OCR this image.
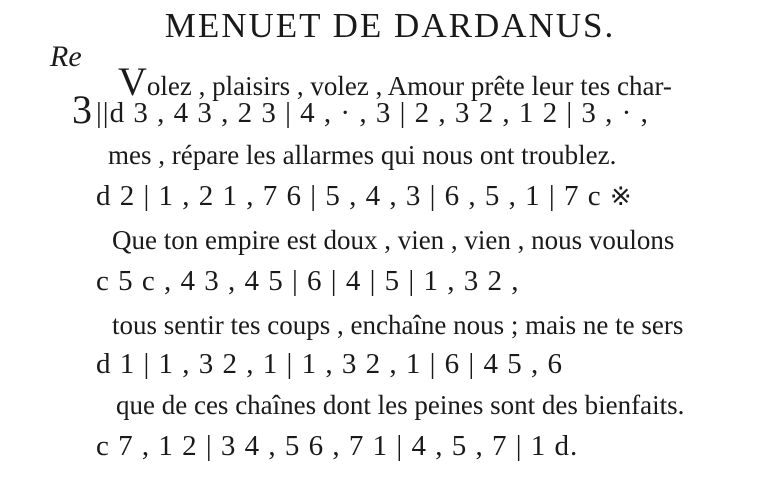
MENUET DE DARDANUS.
Re
3
Volez , plaisirs , volez , Amour prête leur tes char-
||d 3 , 4 3 , 2 3 | 4 , · , 3 | 2 , 3 2 , 1 2 | 3 , · ,
mes , répare les allarmes qui nous ont troublez.
d 2 | 1 , 2 1 , 7 6 | 5 , 4 , 3 | 6 , 5 , 1 | 7 c ※
Que ton empire est doux , vien , vien , nous voulons
c 5 c , 4 3 , 4 5 | 6 | 4 | 5 | 1 , 3 2 ,
tous sentir tes coups , enchaîne nous ; mais ne te sers
d 1 | 1 , 3 2 , 1 | 1 , 3 2 , 1 | 6 | 4 5 , 6
que de ces chaînes dont les peines sont des bienfaits.
c 7 , 1 2 | 3 4 , 5 6 , 7 1 | 4 , 5 , 7 | 1 d.
